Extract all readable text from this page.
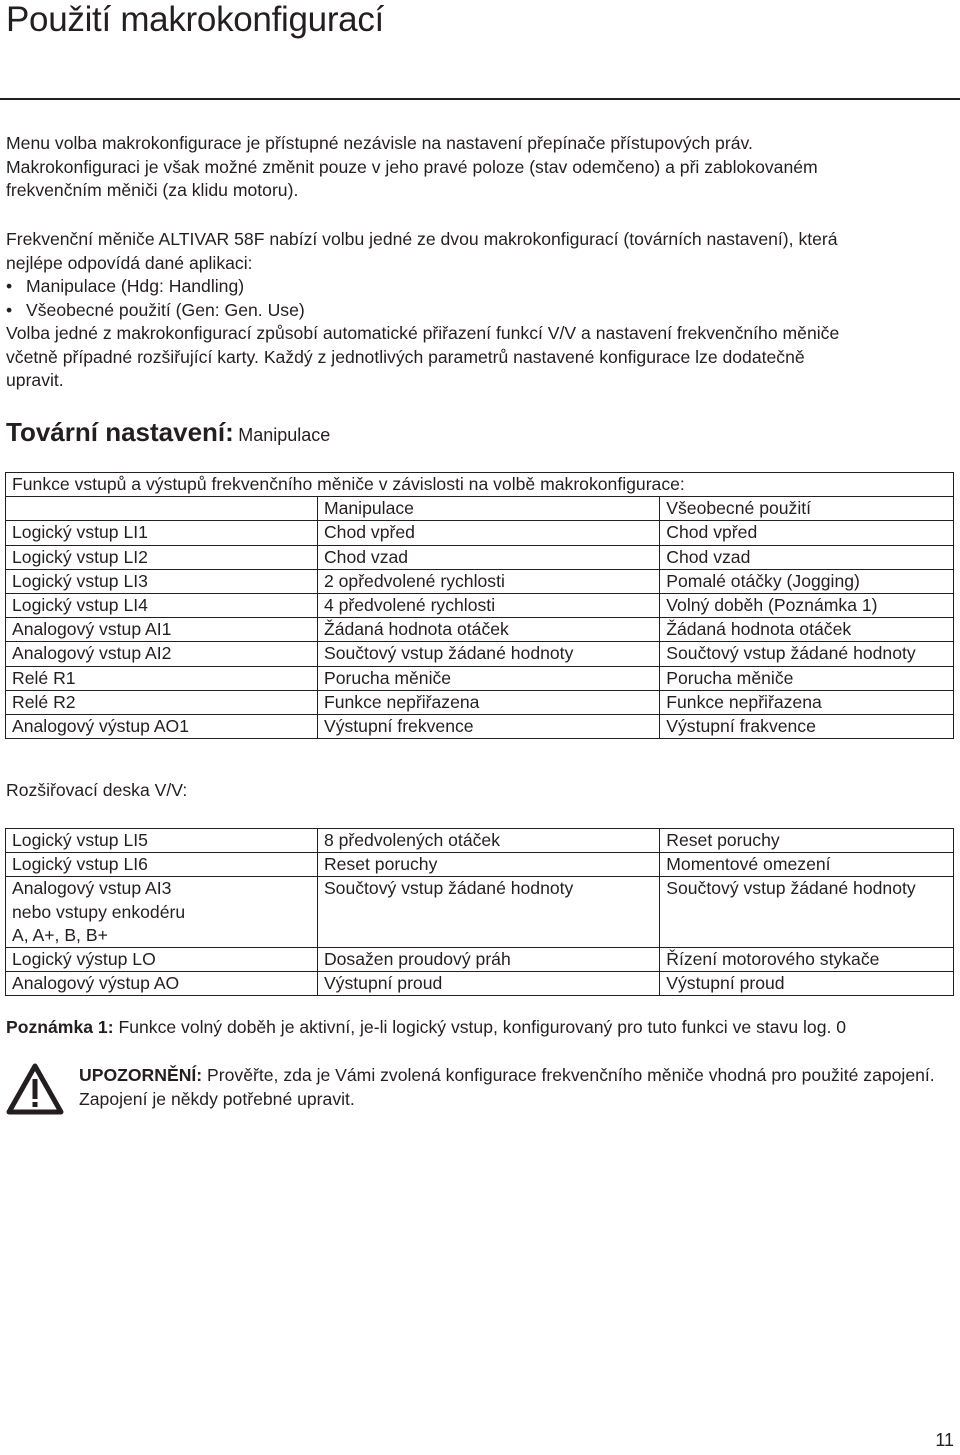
Použití makrokonfigurací
Menu volba makrokonfigurace je přístupné nezávisle na nastavení přepínače přístupových práv.
Makrokonfiguraci je však možné změnit pouze v jeho pravé poloze (stav odemčeno) a při zablokovaném
frekvenčním měniči (za klidu motoru).
Frekvenční měniče ALTIVAR 58F nabízí volbu jedné ze dvou makrokonfigurací (továrních nastavení), která
nejlépe odpovídá dané aplikaci:
• Manipulace (Hdg: Handling)
• Všeobecné použití (Gen: Gen. Use)
Volba jedné z makrokonfigurací způsobí automatické přiřazení funkcí V/V a nastavení frekvenčního měniče
včetně případné rozšiřující karty. Každý z jednotlivých parametrů nastavené konfigurace lze dodatečně
upravit.
Tovární nastavení: Manipulace
Funkce vstupů a výstupů frekvenčního měniče v závislosti na volbě makrokonfigurace:		
	Manipulace	Všeobecné použití
Logický vstup LI1	Chod vpřed	Chod vpřed
Logický vstup LI2	Chod vzad	Chod vzad
Logický vstup LI3	2 opředvolené rychlosti	Pomalé otáčky (Jogging)
Logický vstup LI4	4 předvolené rychlosti	Volný doběh (Poznámka 1)
Analogový vstup AI1	Žádaná hodnota otáček	Žádaná hodnota otáček
Analogový vstup AI2	Součtový vstup žádané hodnoty	Součtový vstup žádané hodnoty
Relé R1	Porucha měniče	Porucha měniče
Relé R2	Funkce nepřiřazena	Funkce nepřiřazena
Analogový výstup AO1	Výstupní frekvence	Výstupní frakvence
Rozšiřovací deska V/V:
Logický vstup LI5	8 předvolených otáček	Reset poruchy
Logický vstup LI6	Reset poruchy	Momentové omezení

Analogový vstup AI3
nebo vstupy enkodéru
A, A+, B, B+	Součtový vstup žádané hodnoty	Součtový vstup žádané hodnoty
Logický výstup LO	Dosažen proudový práh	Řízení motorového stykače
Analogový výstup AO	Výstupní proud	Výstupní proud
Poznámka 1: Funkce volný doběh je aktivní, je-li logický vstup, konfigurovaný pro tuto funkci ve stavu log. 0
UPOZORNĚNÍ: Prověřte, zda je Vámi zvolená konfigurace frekvenčního měniče vhodná pro použité zapojení. Zapojení je někdy potřebné upravit.
11
